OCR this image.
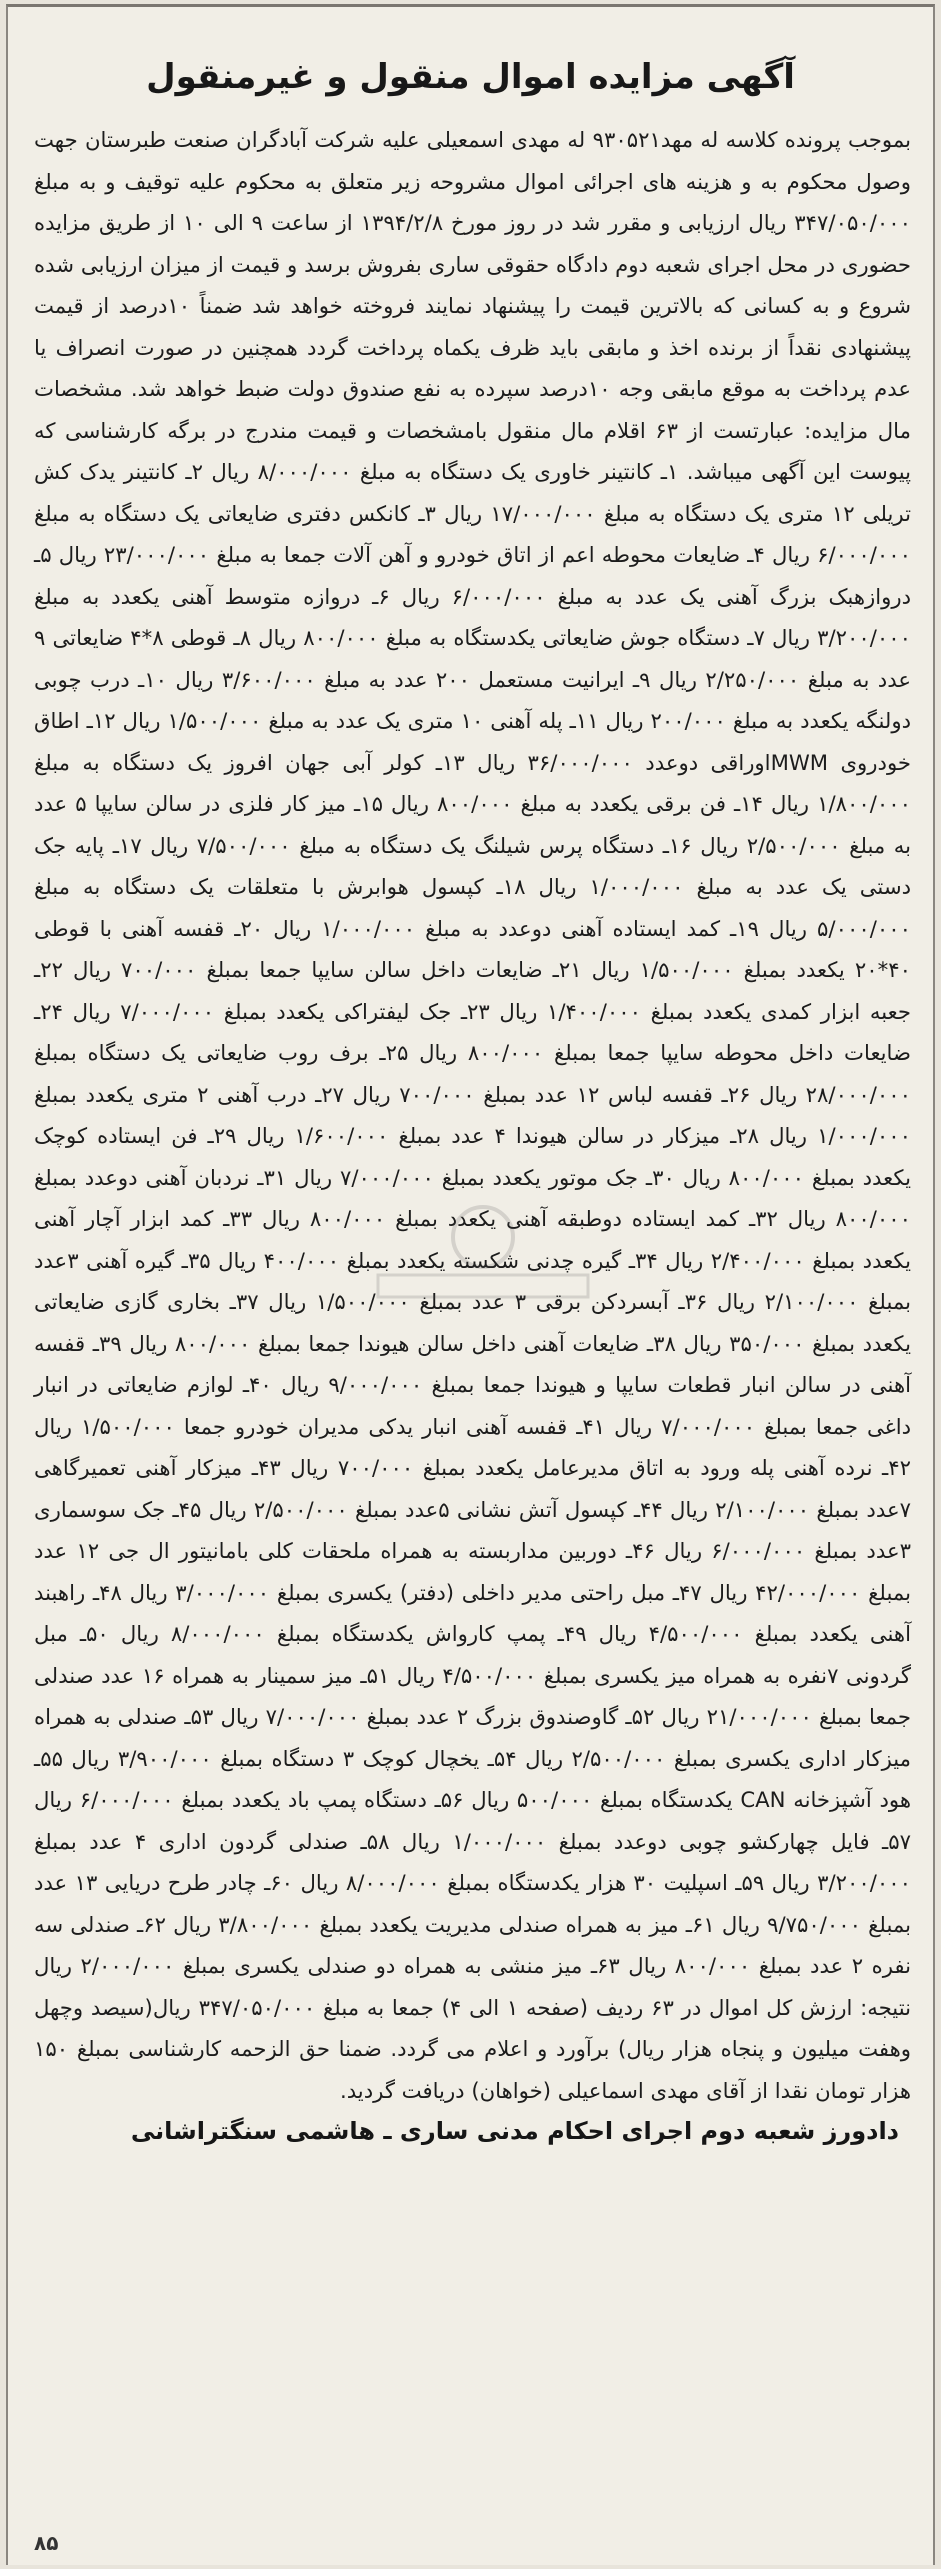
آگهی مزایده اموال منقول و غیرمنقول
بموجب پرونده کلاسه له مهد۹۳۰۵۲۱ له مهدی اسمعیلی علیه شرکت آبادگران صنعت طبرستان جهت وصول محکوم به و هزینه های اجرائی اموال مشروحه زیر متعلق به محکوم علیه توقیف و به مبلغ ۳۴۷/۰۵۰/۰۰۰ ریال ارزیابی و مقرر شد در روز مورخ ۱۳۹۴/۲/۸ از ساعت ۹ الی ۱۰ از طریق مزایده حضوری در محل اجرای شعبه دوم دادگاه حقوقی ساری بفروش برسد و قیمت از میزان ارزیابی شده شروع و به کسانی که بالاترین قیمت را پیشنهاد نمایند فروخته خواهد شد ضمناً ۱۰درصد از قیمت پیشنهادی نقداً از برنده اخذ و مابقی باید ظرف یکماه پرداخت گردد همچنین در صورت انصراف یا عدم پرداخت به موقع مابقی وجه ۱۰درصد سپرده به نفع صندوق دولت ضبط خواهد شد. مشخصات مال مزایده: عبارتست از ۶۳ اقلام مال منقول بامشخصات و قیمت مندرج در برگه کارشناسی که پیوست این آگهی میباشد. ۱ـ کانتینر خاوری یک دستگاه به مبلغ ۸/۰۰۰/۰۰۰ ریال ۲ـ کانتینر یدک کش تریلی ۱۲ متری یک دستگاه به مبلغ ۱۷/۰۰۰/۰۰۰ ریال ۳ـ کانکس دفتری ضایعاتی یک دستگاه به مبلغ ۶/۰۰۰/۰۰۰ ریال ۴ـ ضایعات محوطه اعم از اتاق خودرو و آهن آلات جمعا به مبلغ ۲۳/۰۰۰/۰۰۰ ریال ۵ـ دروازهبک بزرگ آهنی یک عدد به مبلغ ۶/۰۰۰/۰۰۰ ریال ۶ـ دروازه متوسط آهنی یکعدد به مبلغ ۳/۲۰۰/۰۰۰ ریال ۷ـ دستگاه جوش ضایعاتی یکدستگاه به مبلغ ۸۰۰/۰۰۰ ریال ۸ـ قوطی ۸*۴ ضایعاتی ۹ عدد به مبلغ ۲/۲۵۰/۰۰۰ ریال ۹ـ ایرانیت مستعمل ۲۰۰ عدد به مبلغ ۳/۶۰۰/۰۰۰ ریال ۱۰ـ درب چوبی دولنگه یکعدد به مبلغ ۲۰۰/۰۰۰ ریال ۱۱ـ پله آهنی ۱۰ متری یک عدد به مبلغ ۱/۵۰۰/۰۰۰ ریال ۱۲ـ اطاق خودروی MWMاوراقی دوعدد ۳۶/۰۰۰/۰۰۰ ریال ۱۳ـ کولر آبی جهان افروز یک دستگاه به مبلغ ۱/۸۰۰/۰۰۰ ریال ۱۴ـ فن برقی یکعدد به مبلغ ۸۰۰/۰۰۰ ریال ۱۵ـ میز کار فلزی در سالن سایپا ۵ عدد به مبلغ ۲/۵۰۰/۰۰۰ ریال ۱۶ـ دستگاه پرس شیلنگ یک دستگاه به مبلغ ۷/۵۰۰/۰۰۰ ریال ۱۷ـ پایه جک دستی یک عدد به مبلغ ۱/۰۰۰/۰۰۰ ریال ۱۸ـ کپسول هوابرش با متعلقات یک دستگاه به مبلغ ۵/۰۰۰/۰۰۰ ریال ۱۹ـ کمد ایستاده آهنی دوعدد به مبلغ ۱/۰۰۰/۰۰۰ ریال ۲۰ـ قفسه آهنی با قوطی ۴۰*۲۰ یکعدد بمبلغ ۱/۵۰۰/۰۰۰ ریال ۲۱ـ ضایعات داخل سالن سایپا جمعا بمبلغ ۷۰۰/۰۰۰ ریال ۲۲ـ جعبه ابزار کمدی یکعدد بمبلغ ۱/۴۰۰/۰۰۰ ریال ۲۳ـ جک لیفتراکی یکعدد بمبلغ ۷/۰۰۰/۰۰۰ ریال ۲۴ـ ضایعات داخل محوطه سایپا جمعا بمبلغ ۸۰۰/۰۰۰ ریال ۲۵ـ برف روب ضایعاتی یک دستگاه بمبلغ ۲۸/۰۰۰/۰۰۰ ریال ۲۶ـ قفسه لباس ۱۲ عدد بمبلغ ۷۰۰/۰۰۰ ریال ۲۷ـ درب آهنی ۲ متری یکعدد بمبلغ ۱/۰۰۰/۰۰۰ ریال ۲۸ـ میزکار در سالن هیوندا ۴ عدد بمبلغ ۱/۶۰۰/۰۰۰ ریال ۲۹ـ فن ایستاده کوچک یکعدد بمبلغ ۸۰۰/۰۰۰ ریال ۳۰ـ جک موتور یکعدد بمبلغ ۷/۰۰۰/۰۰۰ ریال ۳۱ـ نردبان آهنی دوعدد بمبلغ ۸۰۰/۰۰۰ ریال ۳۲ـ کمد ایستاده دوطبقه آهنی یکعدد بمبلغ ۸۰۰/۰۰۰ ریال ۳۳ـ کمد ابزار آچار آهنی یکعدد بمبلغ ۲/۴۰۰/۰۰۰ ریال ۳۴ـ گیره چدنی شکسته یکعدد بمبلغ ۴۰۰/۰۰۰ ریال ۳۵ـ گیره آهنی ۳عدد بمبلغ ۲/۱۰۰/۰۰۰ ریال ۳۶ـ آبسردکن برقی ۳ عدد بمبلغ ۱/۵۰۰/۰۰۰ ریال ۳۷ـ بخاری گازی ضایعاتی یکعدد بمبلغ ۳۵۰/۰۰۰ ریال ۳۸ـ ضایعات آهنی داخل سالن هیوندا جمعا بمبلغ ۸۰۰/۰۰۰ ریال ۳۹ـ قفسه آهنی در سالن انبار قطعات سایپا و هیوندا جمعا بمبلغ ۹/۰۰۰/۰۰۰ ریال ۴۰ـ لوازم ضایعاتی در انبار داغی جمعا بمبلغ ۷/۰۰۰/۰۰۰ ریال ۴۱ـ قفسه آهنی انبار یدکی مدیران خودرو جمعا ۱/۵۰۰/۰۰۰ ریال ۴۲ـ نرده آهنی پله ورود به اتاق مدیرعامل یکعدد بمبلغ ۷۰۰/۰۰۰ ریال ۴۳ـ میزکار آهنی تعمیرگاهی ۷عدد بمبلغ ۲/۱۰۰/۰۰۰ ریال ۴۴ـ کپسول آتش نشانی ۵عدد بمبلغ ۲/۵۰۰/۰۰۰ ریال ۴۵ـ جک سوسماری ۳عدد بمبلغ ۶/۰۰۰/۰۰۰ ریال ۴۶ـ دوربین مداربسته به همراه ملحقات کلی بامانیتور ال جی ۱۲ عدد بمبلغ ۴۲/۰۰۰/۰۰۰ ریال ۴۷ـ مبل راحتی مدیر داخلی (دفتر) یکسری بمبلغ ۳/۰۰۰/۰۰۰ ریال ۴۸ـ راهبند آهنی یکعدد بمبلغ ۴/۵۰۰/۰۰۰ ریال ۴۹ـ پمپ کارواش یکدستگاه بمبلغ ۸/۰۰۰/۰۰۰ ریال ۵۰ـ مبل گردونی ۷نفره به همراه میز یکسری بمبلغ ۴/۵۰۰/۰۰۰ ریال ۵۱ـ میز سمینار به همراه ۱۶ عدد صندلی جمعا بمبلغ ۲۱/۰۰۰/۰۰۰ ریال ۵۲ـ گاوصندوق بزرگ ۲ عدد بمبلغ ۷/۰۰۰/۰۰۰ ریال ۵۳ـ صندلی به همراه میزکار اداری یکسری بمبلغ ۲/۵۰۰/۰۰۰ ریال ۵۴ـ یخچال کوچک ۳ دستگاه بمبلغ ۳/۹۰۰/۰۰۰ ریال ۵۵ـ هود آشپزخانه CAN یکدستگاه بمبلغ ۵۰۰/۰۰۰ ریال ۵۶ـ دستگاه پمپ باد یکعدد بمبلغ ۶/۰۰۰/۰۰۰ ریال ۵۷ـ فایل چهارکشو چوبی دوعدد بمبلغ ۱/۰۰۰/۰۰۰ ریال ۵۸ـ صندلی گردون اداری ۴ عدد بمبلغ ۳/۲۰۰/۰۰۰ ریال ۵۹ـ اسپلیت ۳۰ هزار یکدستگاه بمبلغ ۸/۰۰۰/۰۰۰ ریال ۶۰ـ چادر طرح دریایی ۱۳ عدد بمبلغ ۹/۷۵۰/۰۰۰ ریال ۶۱ـ میز به همراه صندلی مدیریت یکعدد بمبلغ ۳/۸۰۰/۰۰۰ ریال ۶۲ـ صندلی سه نفره ۲ عدد بمبلغ ۸۰۰/۰۰۰ ریال ۶۳ـ میز منشی به همراه دو صندلی یکسری بمبلغ ۲/۰۰۰/۰۰۰ ریال نتیجه: ارزش کل اموال در ۶۳ ردیف (صفحه ۱ الی ۴) جمعا به مبلغ ۳۴۷/۰۵۰/۰۰۰ ریال(سیصد وچهل وهفت میلیون و پنجاه هزار ریال) برآورد و اعلام می گردد. ضمنا حق الزحمه کارشناسی بمبلغ ۱۵۰ هزار تومان نقدا از آقای مهدی اسماعیلی (خواهان) دریافت گردید.
دادورز شعبه دوم اجرای احکام مدنی ساری ـ هاشمی سنگتراشانی
۸۵
